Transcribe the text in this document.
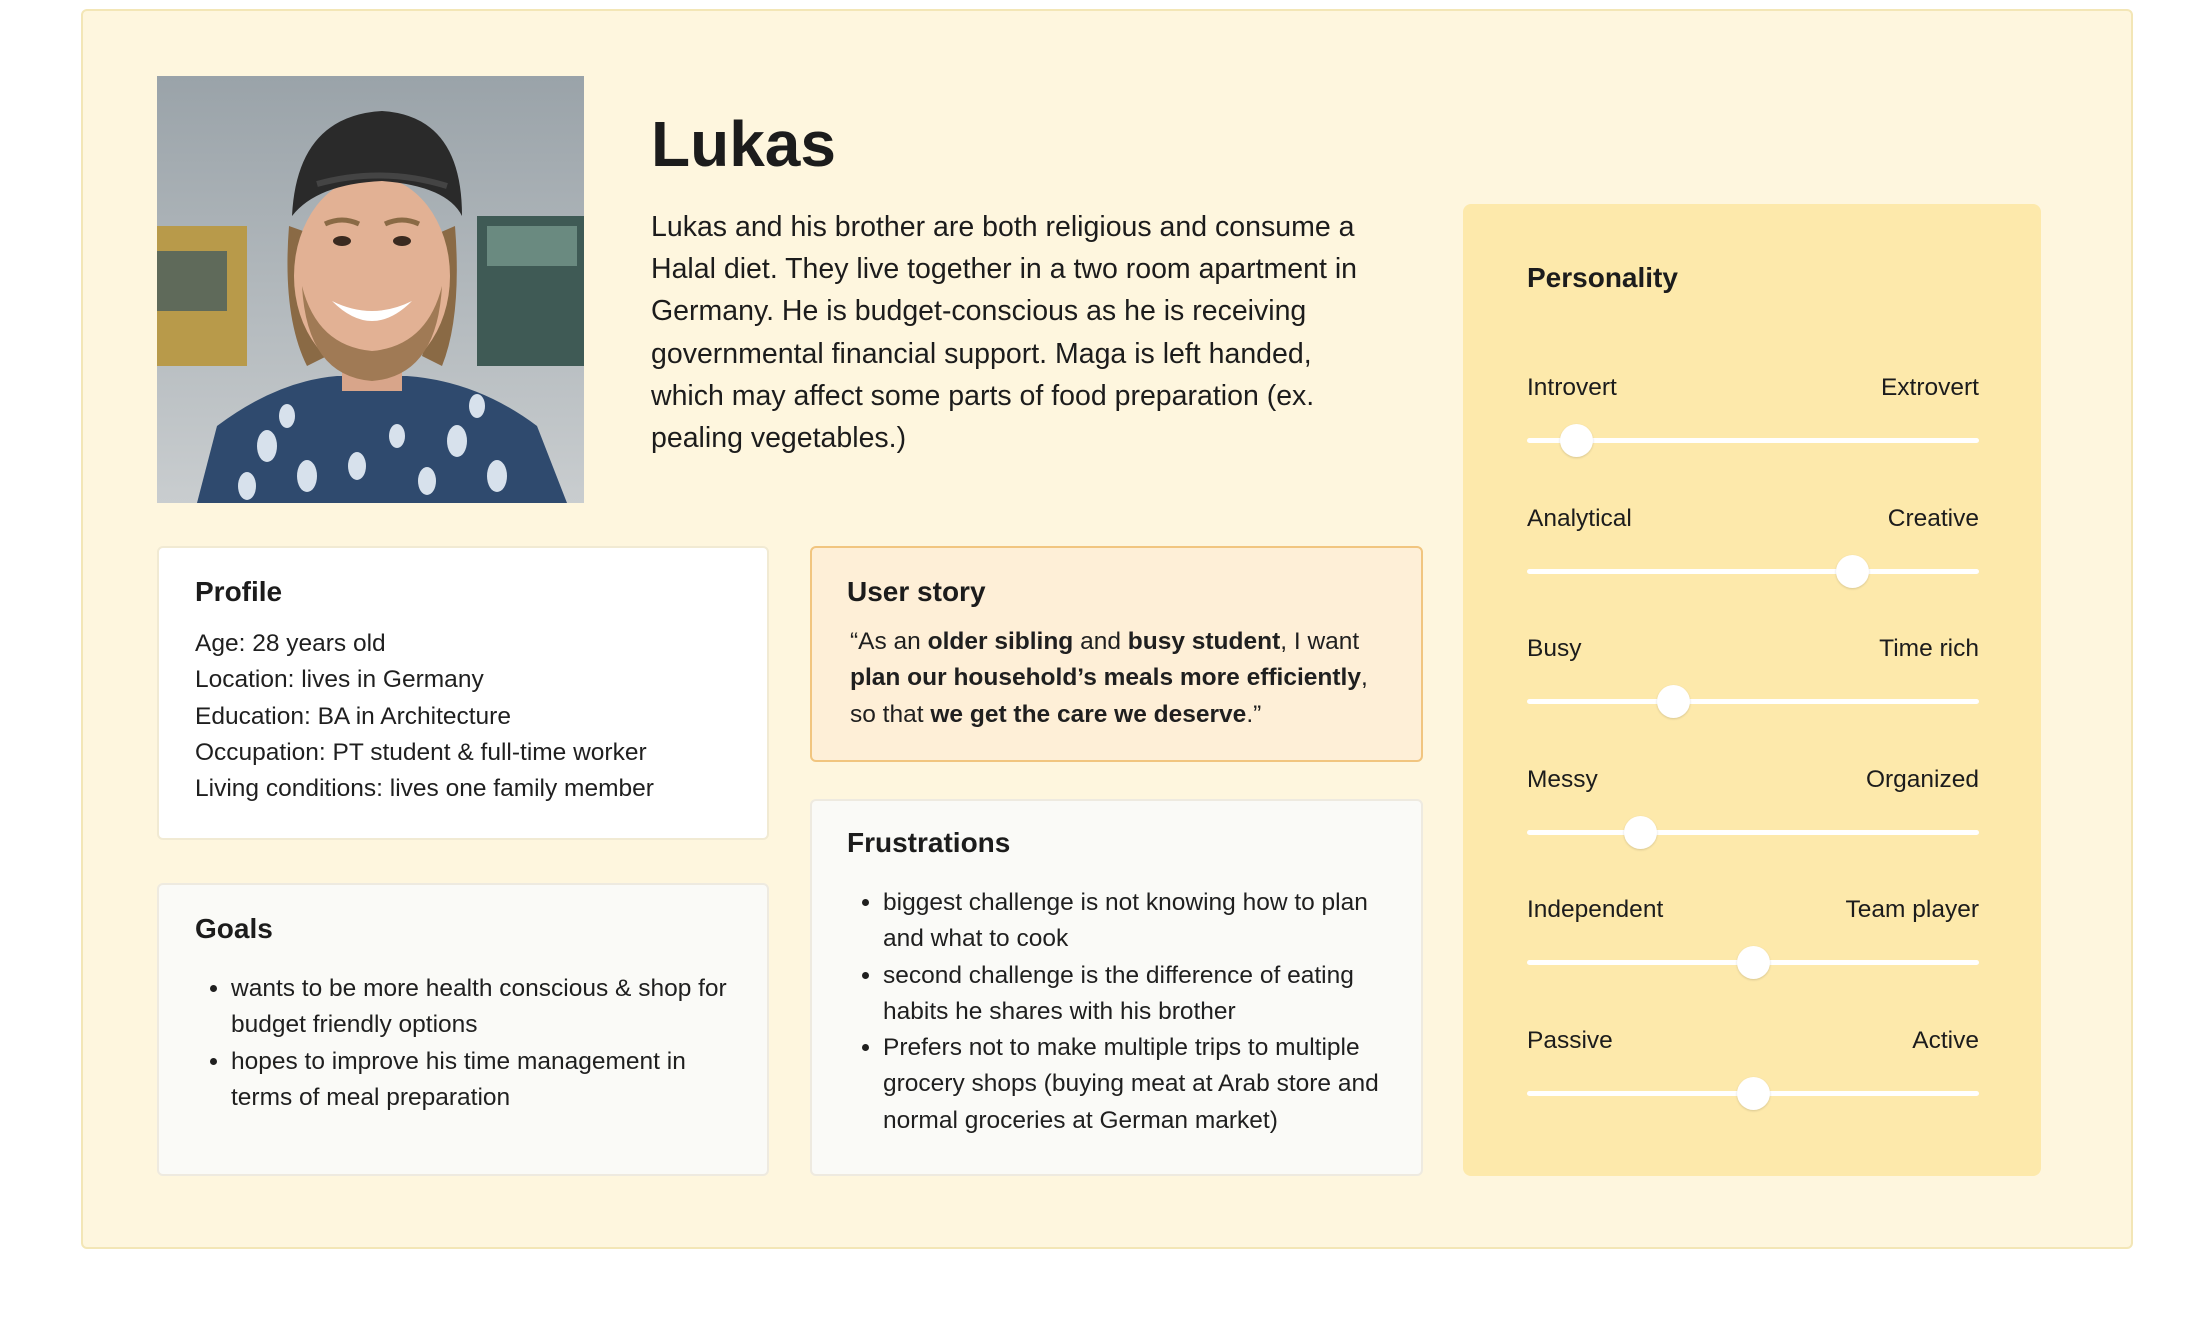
Lukas

Lukas and his brother are both religious and consume a Halal diet. They live together in a two room apartment in Germany. He is budget-conscious as he is receiving governmental financial support. Maga is left handed, which may affect some parts of food preparation (ex. pealing vegetables.)

Profile
Age: 28 years old
Location: lives in Germany
Education: BA in Architecture
Occupation: PT student & full-time worker
Living conditions: lives one family member
Goals
• wants to be more health conscious & shop for budget friendly options
• hopes to improve his time management in terms of meal preparation
User story
“As an older sibling and busy student, I want plan our household’s meals more efficiently, so that we get the care we deserve.”
Frustrations
• biggest challenge is not knowing how to plan and what to cook
• second challenge is the difference of eating habits he shares with his brother
• Prefers not to make multiple trips to multiple grocery shops (buying meat at Arab store and normal groceries at German market)
Personality
Introvert	Extrovert
Analytical	Creative
Busy	Time rich
Messy	Organized
Independent	Team player
Passive	Active
